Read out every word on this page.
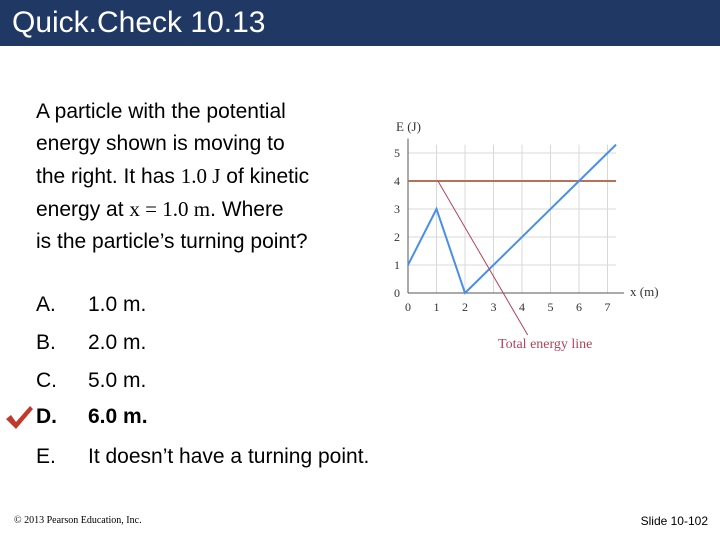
Quick.Check 10.13
A particle with the potential
energy shown is moving to
the right. It has 1.0 J of kinetic
energy at x = 1.0 m. Where
is the particle’s turning point?
A. 1.0 m.
B. 2.0 m.
C. 5.0 m.
D. 6.0 m.
E. It doesn’t have a turning point.
0 1 2 3 4 5 6 7
0
1
2
3
4
5
E (J)
x (m)
Total energy line
© 2013 Pearson Education, Inc.	Slide 10-102
